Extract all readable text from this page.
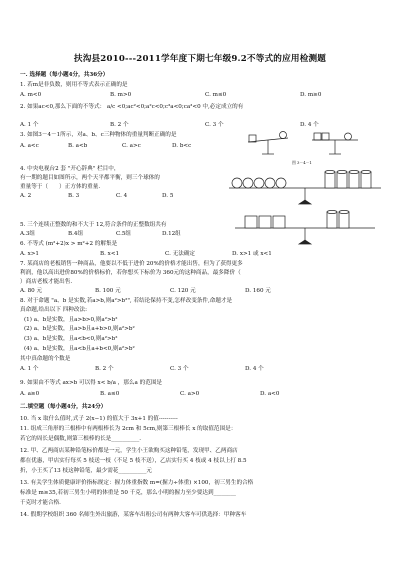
扶沟县2010---2011学年度下期七年级9.2不等式的应用检测题
一. 选择题（每小题4分，共36分）
1. 若m是非负数，则用不等式表示正确的是
A. m<0	B. m>0	C. m≤0	D. m≥0
2. 如果ac<0,那么下面的不等式： a/c <0;ac²<0;a²c<0;c³a<0;ca³<0 中,必定成立的有
A. 1 个	B. 2 个	C. 3 个	D. 4 个
3. 如图3－4－1所示，对a、b、c三种物体的重量判断正确的是
A. a<c	B. a<b	C. a>c	D. b<c
图 3－4－1
4. 中央电视台2 套 "开心辞典" 栏目中，
有一期的题目如图所示，两个天平都平衡，则三个球体的
重量等于（　　）正方体的重量.
A. 2	B. 3	C. 4	D. 5
5. 三个连续正整数的和不大于 12,符合条件的正整数组共有
A.3组	B.4组	C.5组	D.12组
6. 不等式 (m²+2)x > m²+2 的解集是
A. x>1	B. x<1	C. 无法确定	D. x>1 或 x<1
7. 某商店的老板销售一种商品，他要以不低于进价 20%的价格才能出售，但为了获得更多
利润，他以高出进价80%的价格标价，若你想买下标价为 360元的这种商品，最多降价（
）商店老板才能出售.
A. 80 元	B. 100 元	C. 120 元	D. 160 元
8. 对于命题 "a、b 是实数,若a>b,则a²>b²", 若结论保持不变,怎样改变条件,命题才是
真命题,给出以下 四种改法:
(1) a、b是实数，且a>b>0,则a²>b²
(2) a、b是实数，且a>b且a+b>0,则a²>b²
(3) a、b是实数，且a<b<0,则a²>b²
(4) a、b是实数，且a<b且a+b<0,则a²>b²
其中真命题的个数是
A. 1 个	B. 2 个	C. 3 个	D. 4 个
9. 如果由不等式 ax>b 可以得 x< b/a ，那么a 的范围是
A. a≥0	B. a≤0	C. a>0	D. a<0
二.填空题（每小题4分，共24分）
10. 当 x 取什么值时,式子 2(x−1) 的值大于 3x+1 的值----------
11. 组成三角形的三根棒中有两根棒长为 2cm 和 5cm,则第三根棒长 x 的取值范围是：
若它的周长是偶数,则第三根棒的长是__________.
12. 甲、乙两商店某种铅笔标价都是一元，学生小王欲购买这种铅笔，发现甲、乙两商店
都在优惠，甲店实行每买 5 枝送一枝（不足 5 枝不送），乙店实行买 4 枝或 4 枝以上打 8.5
折，小王买了13 枝这种铅笔，最少需花__________元
13. 有关学生体质健康评价指标规定：握力体重指数 m=(握力÷体重) ×100，初三男生的合格
标准是 m≥35,若初三男生小明的体重是 50 千克，那么小明的握力至少要达到________
千克时才能合格.
14. 假期学校组织 360 名师生外出旅游，某客车出租公司有两种大客车可供选择：甲种客车
